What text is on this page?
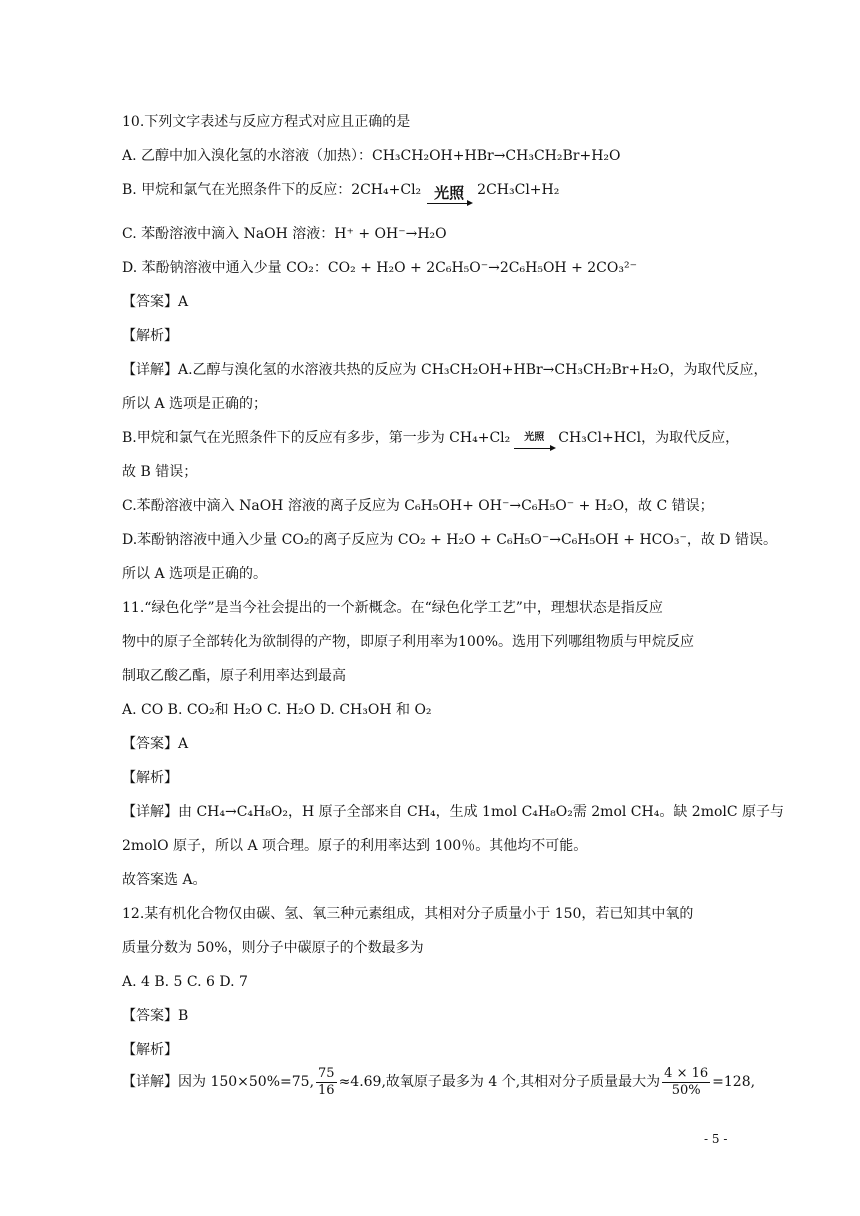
10.下列文字表述与反应方程式对应且正确的是
A. 乙醇中加入溴化氢的水溶液（加热）：CH₃CH₂OH+HBr→CH₃CH₂Br+H₂O
B. 甲烷和氯气在光照条件下的反应：2CH₄+Cl₂ 光照 2CH₃Cl+H₂
C. 苯酚溶液中滴入 NaOH 溶液：H⁺ + OH⁻→H₂O
D. 苯酚钠溶液中通入少量 CO₂：CO₂ + H₂O + 2C₆H₅O⁻→2C₆H₅OH + 2CO₃²⁻
【答案】A
【解析】
【详解】A.乙醇与溴化氢的水溶液共热的反应为 CH₃CH₂OH+HBr→CH₃CH₂Br+H₂O，为取代反应，
所以 A 选项是正确的；
B.甲烷和氯气在光照条件下的反应有多步，第一步为 CH₄+Cl₂	光照	CH₃Cl+HCl，为取代反应，
故 B 错误；
C.苯酚溶液中滴入 NaOH 溶液的离子反应为 C₆H₅OH+ OH⁻→C₆H₅O⁻ + H₂O，故 C 错误；
D.苯酚钠溶液中通入少量 CO₂的离子反应为 CO₂ + H₂O + C₆H₅O⁻→C₆H₅OH + HCO₃⁻，故 D 错误。
所以 A 选项是正确的。
11.“绿色化学”是当今社会提出的一个新概念。在“绿色化学工艺”中，理想状态是指反应
物中的原子全部转化为欲制得的产物，即原子利用率为100%。选用下列哪组物质与甲烷反应
制取乙酸乙酯，原子利用率达到最高
A. CO B. CO₂和 H₂O C. H₂O D. CH₃OH 和 O₂
【答案】A
【解析】
【详解】由 CH₄→C₄H₈O₂，H 原子全部来自 CH₄，生成 1mol C₄H₈O₂需 2mol CH₄。缺 2molC 原子与
2molO 原子，所以 A 项合理。原子的利用率达到 100％。其他均不可能。
故答案选 A。
12.某有机化合物仅由碳、氢、氧三种元素组成，其相对分子质量小于 150，若已知其中氧的
质量分数为 50%，则分子中碳原子的个数最多为
A. 4 B. 5 C. 6 D. 7
【答案】B
【解析】
【详解】因为 150×50%=75, $\frac{75}{16} \approx 4.69$,故氧原子最多为 4 个,其相对分子质量最大为 $\frac{4 \times 16}{50\%} =128$,
- 5 -
